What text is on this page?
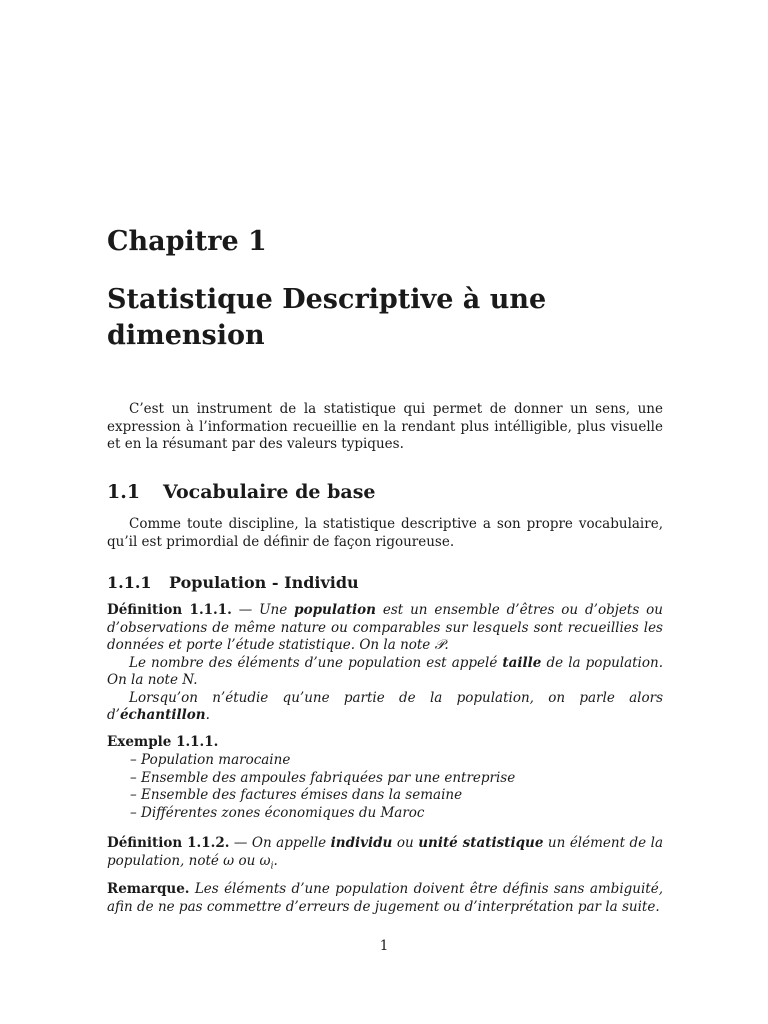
Chapitre 1
Statistique Descriptive à une dimension

C’est un instrument de la statistique qui permet de donner un sens, une expression à l’information recueillie en la rendant plus intélligible, plus visuelle et en la résumant par des valeurs typiques.

1.1 Vocabulaire de base

Comme toute discipline, la statistique descriptive a son propre vocabulaire, qu’il est primordial de définir de façon rigoureuse.

1.1.1 Population - Individu

Définition 1.1.1. — Une population est un ensemble d’êtres ou d’objets ou d’observations de même nature ou comparables sur lesquels sont recueillies les données et porte l’étude statistique. On la note 𝒫.

Le nombre des éléments d’une population est appelé taille de la population. On la note N.

Lorsqu’on n’étudie qu’une partie de la population, on parle alors d’échantillon.

Exemple 1.1.1.
– Population marocaine
– Ensemble des ampoules fabriquées par une entreprise
– Ensemble des factures émises dans la semaine
– Différentes zones économiques du Maroc

Définition 1.1.2. — On appelle individu ou unité statistique un élément de la population, noté ω ou $\omega_i$.

Remarque. Les éléments d’une population doivent être définis sans ambiguité, afin de ne pas commettre d’erreurs de jugement ou d’interprétation par la suite.

1
